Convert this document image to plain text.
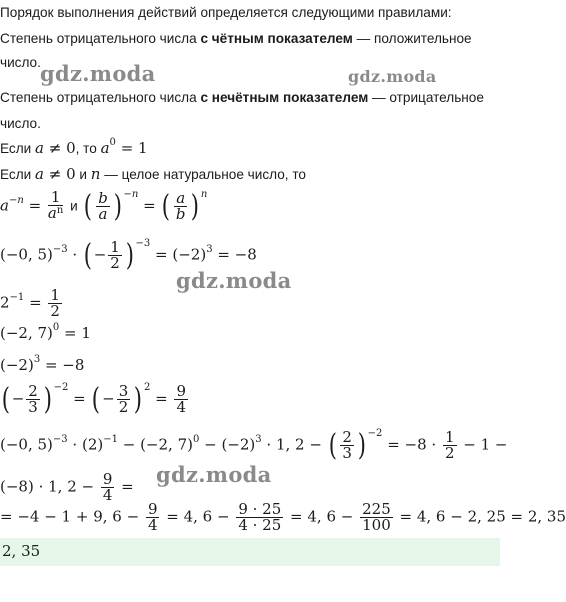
Порядок выполнения действий определяется следующими правилами:
Степень отрицательного числа с чётным показателем — положительное
число.
Степень отрицательного числа с нечётным показателем — отрицательное
число.
Если a ≠ 0, то $a^0 = 1$
Если a ≠ 0 и n — целое натуральное число, то
$a^{-n} = \frac{1}{a^n}$ и ( $\frac{b}{a}$ ) $^{-n}$ = ( $\frac{a}{b}$ ) $^n$
(−0, 5)$^{-3}$ · ( − $\frac{1}{2}$ ) $^{-3} = (-2)^3 = -8$
$2^{-1} = \frac{1}{2}$
(−2, 7)$^0$ = 1
$(-2)^3 = -8$
( − $\frac{2}{3}$ ) $^{-2}$ = ( − $\frac{3}{2}$ ) $^2 = \frac{9}{4}$
(−0, $5)^{-3} \cdot (2)^{-1} - (-2$, $7)^0 - (-2)^3 \cdot 1$, 2 − ( $\frac{2}{3}$ ) $^{-2} = -8 \cdot \frac{1}{2} - 1$ −
(−8) · 1, $2 - \frac{9}{4}$ =
= −4 − 1 + 9, $6 - \frac{9}{4} = 4$, $6 - \frac{9 \cdot 25}{4 \cdot 25} = 4$, $6 - \frac{225}{100} = 4$, 6 − 2, 25 = 2, 35
2, 35
gdz.moda	gdz.moda
gdz.moda
gdz.moda
